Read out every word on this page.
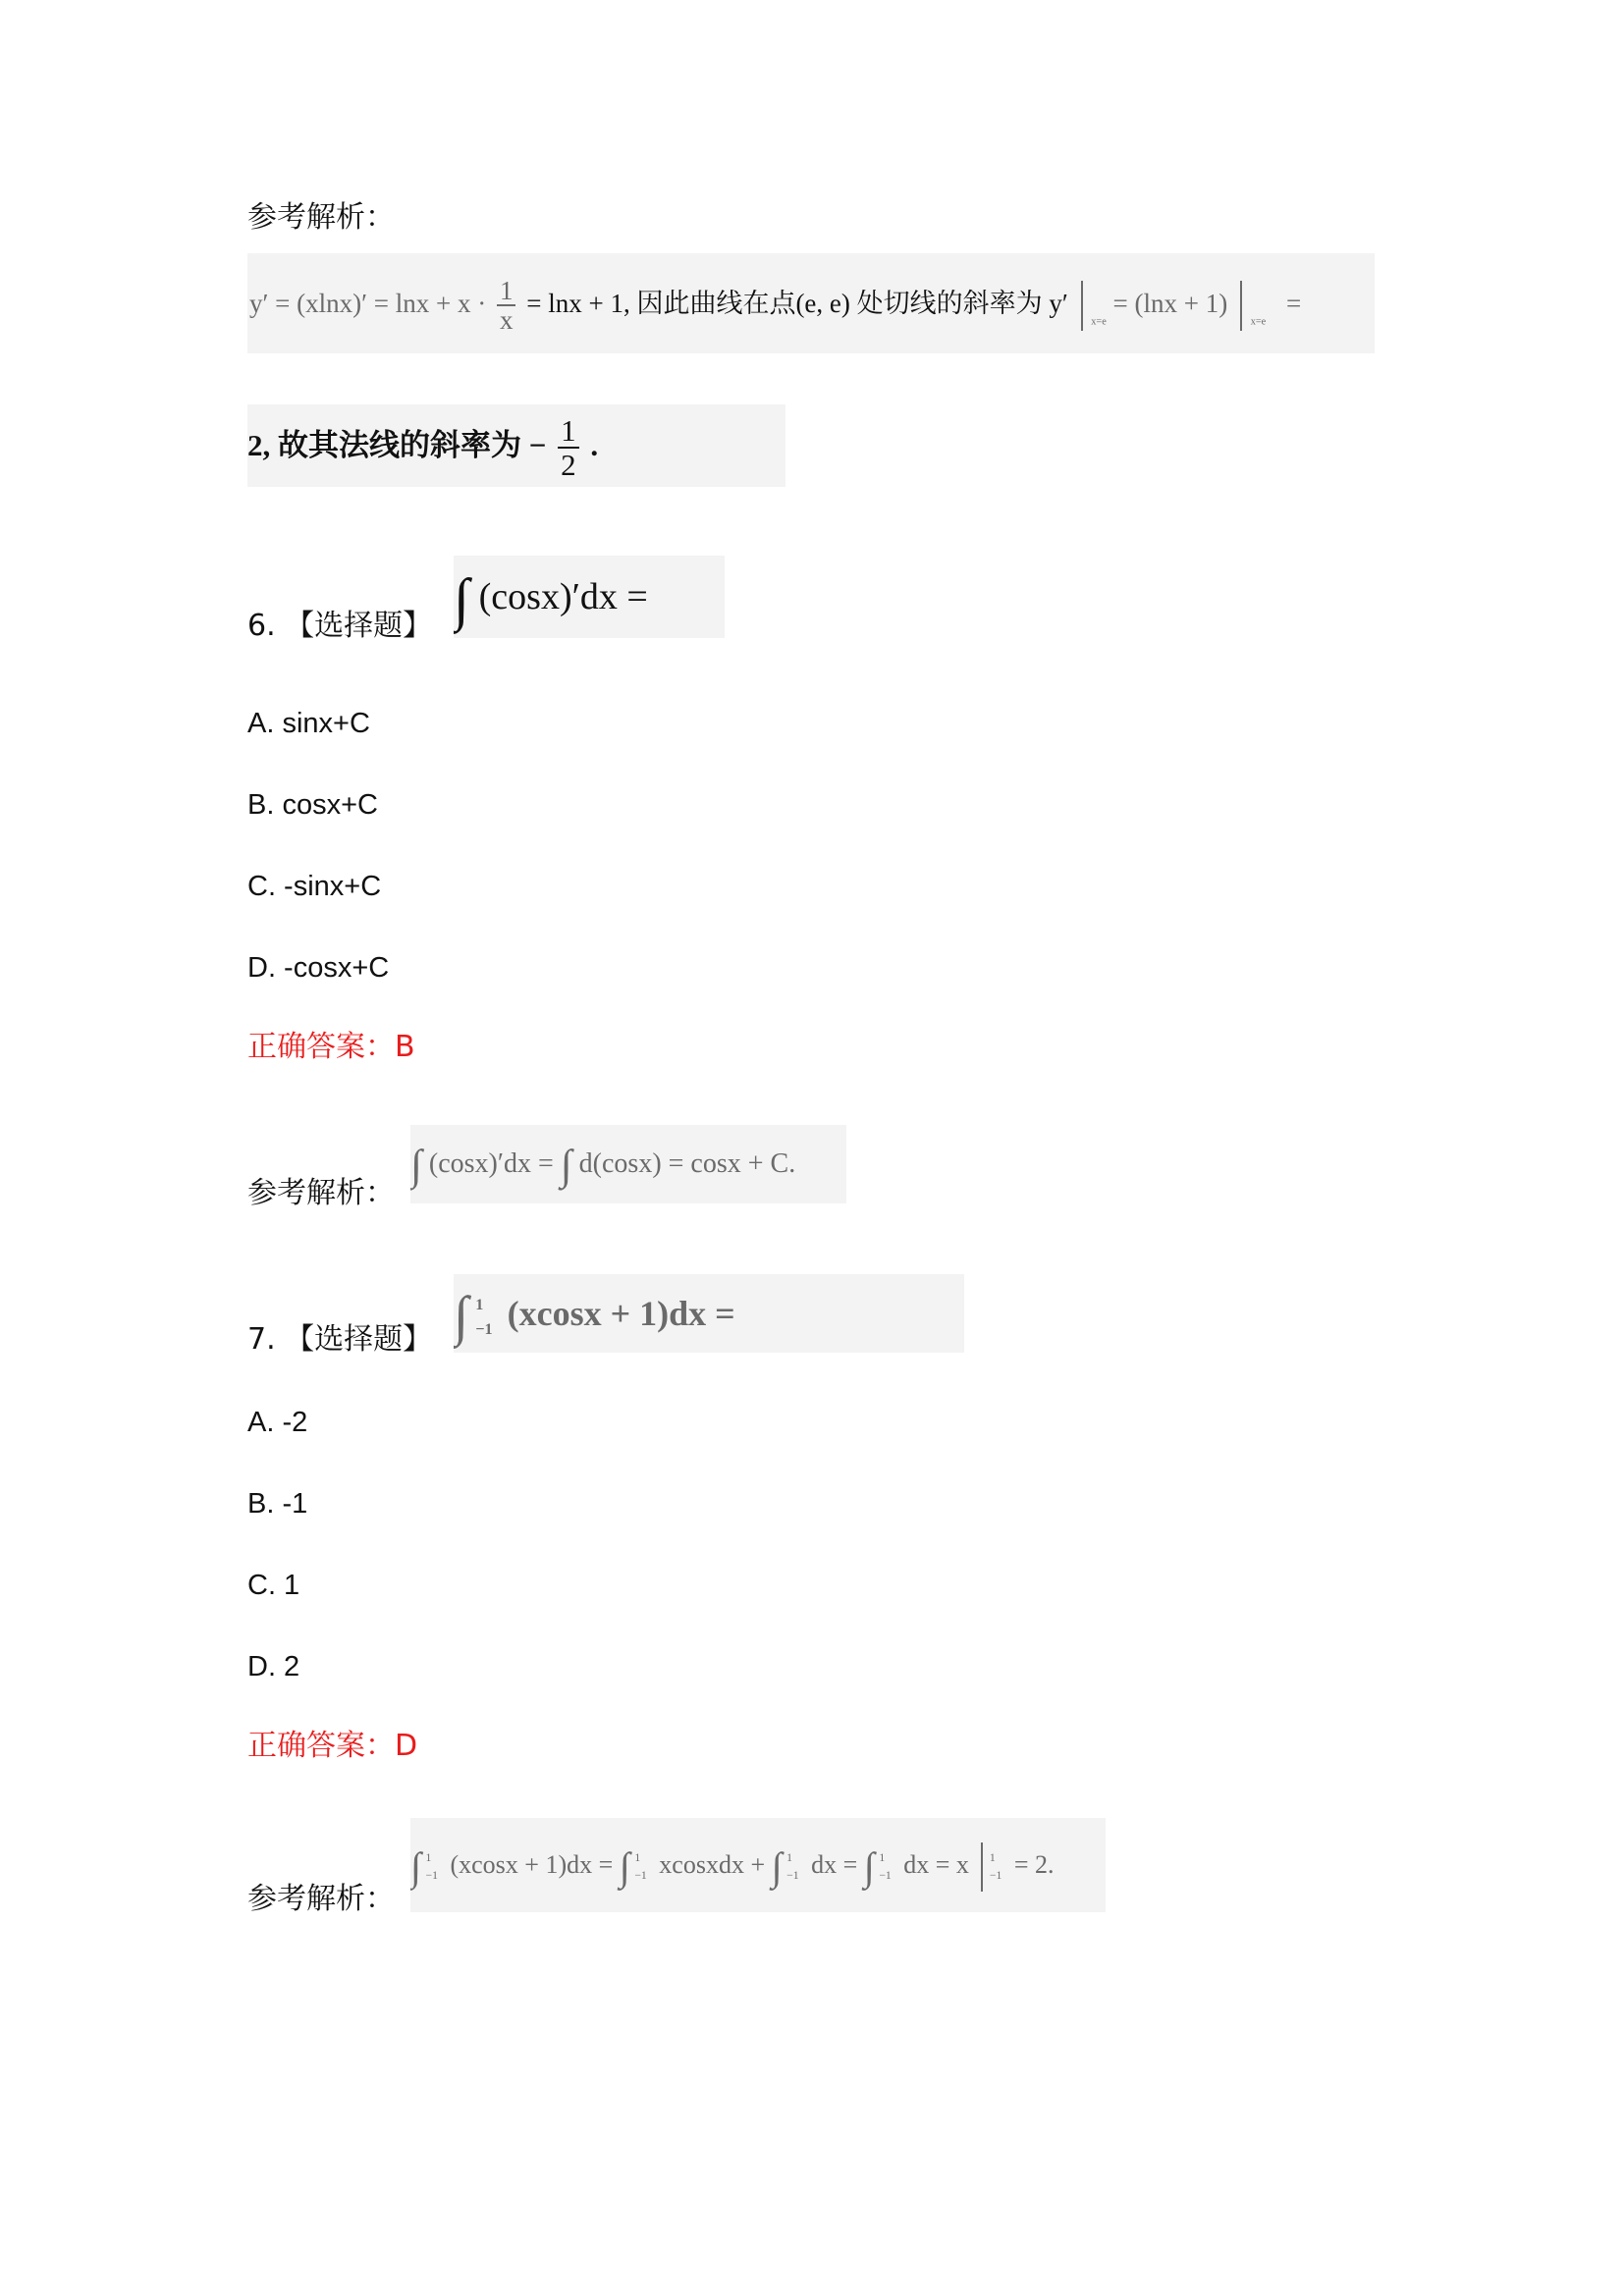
参考解析：
$y' = (xlnx)' = \ln x + x \cdot \frac{1}{x} = \ln x + 1$, 因此曲线在点(e, e) 处切线的斜率为 y′  $_{x=e}$ = (lnx + 1)  $_{x=e}$ =
2, 故其法线的斜率为 − $\frac{1}{2}$ .
6. 【选择题】 ∫ (cosx)′dx =
A. sinx+C
B. cosx+C
C. -sinx+C
D. -cosx+C
正确答案：B
参考解析：
∫ (cosx)′dx = ∫ d(cosx) = cosx + C.
7. 【选择题】 ∫ 1
−1 (xcosx + 1)dx =
A. -2
B. -1
C. 1
D. 2
正确答案：D
参考解析：
∫ 1
−1 (xcosx + 1)dx = ∫ 1
−1 xcosxdx + ∫ 1
−1 dx = ∫ 1
−1 dx = x 1
−1 = 2.
